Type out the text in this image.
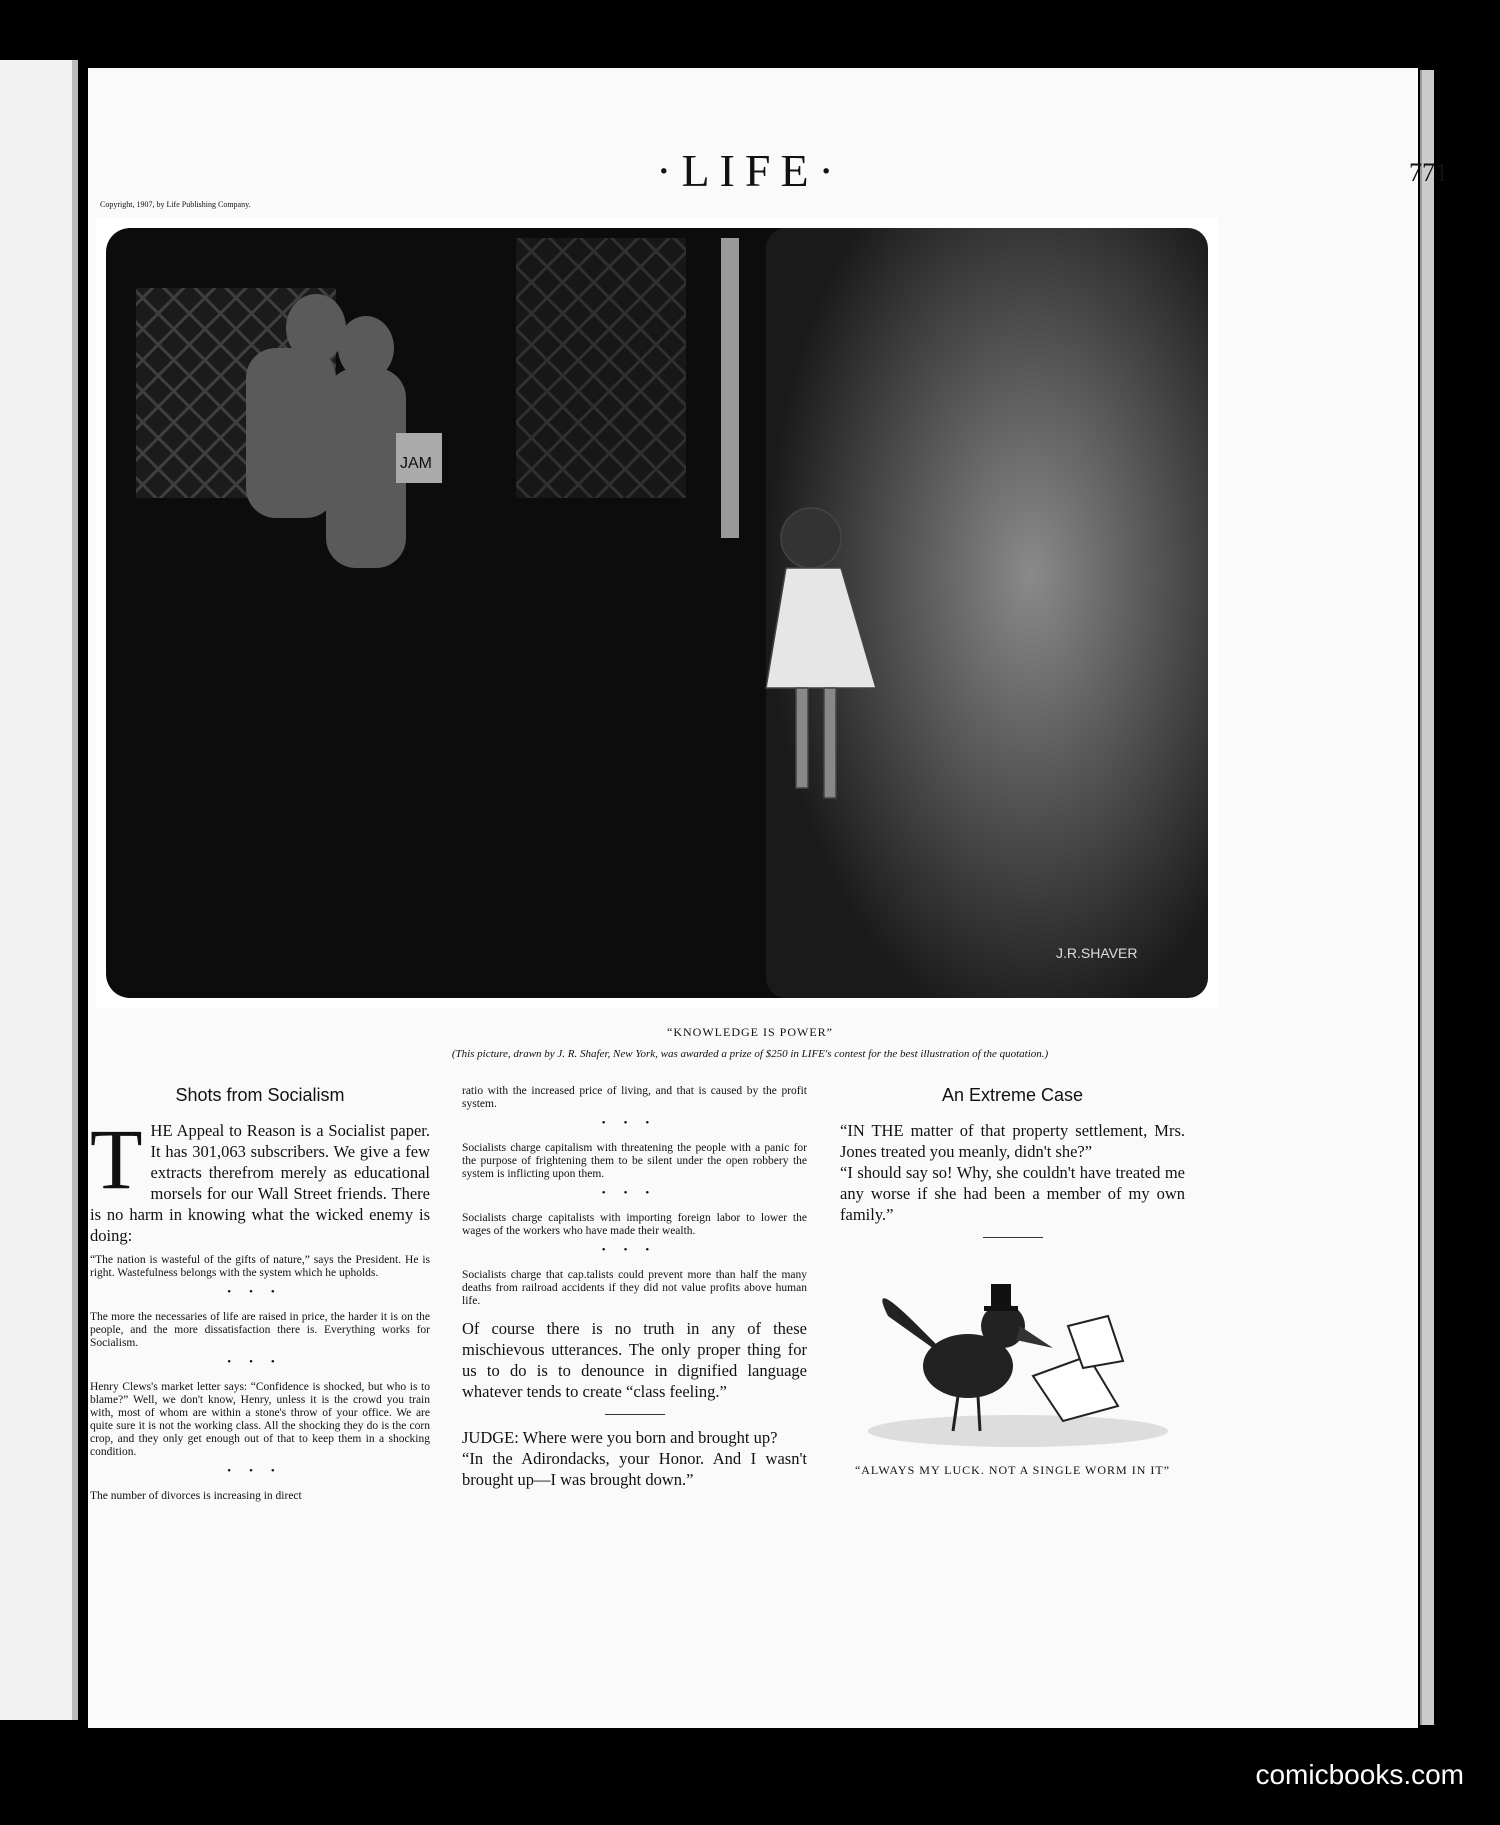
·LIFE·	771
Copyright, 1907, by Life Publishing Company.
JAM
J.R.SHAVER
“KNOWLEDGE IS POWER”
(This picture, drawn by J. R. Shafer, New York, was awarded a prize of $250 in LIFE's contest for the best illustration of the quotation.)
Shots from Socialism
T HE Appeal to Reason is a Socialist paper. It has 301,063 subscribers. We give a few extracts therefrom merely as educational morsels for our Wall Street friends. There is no harm in knowing what the wicked enemy is doing:

“The nation is wasteful of the gifts of nature,” says the President. He is right. Wastefulness belongs with the system which he upholds.

•••

The more the necessaries of life are raised in price, the harder it is on the people, and the more dissatisfaction there is. Everything works for Socialism.

•••

Henry Clews's market letter says: “Confidence is shocked, but who is to blame?” Well, we don't know, Henry, unless it is the crowd you train with, most of whom are within a stone's throw of your office. We are quite sure it is not the working class. All the shocking they do is the corn crop, and they only get enough out of that to keep them in a shocking condition.

•••

The number of divorces is increasing in direct

ratio with the increased price of living, and that is caused by the profit system.

•••

Socialists charge capitalism with threatening the people with a panic for the purpose of frightening them to be silent under the open robbery the system is inflicting upon them.

•••

Socialists charge capitalists with importing foreign labor to lower the wages of the workers who have made their wealth.

•••

Socialists charge that cap.talists could prevent more than half the many deaths from railroad accidents if they did not value profits above human life.

Of course there is no truth in any of these mischievous utterances. The only proper thing for us to do is to denounce in dignified language whatever tends to create “class feeling.”

JUDGE: Where were you born and brought up?

“In the Adirondacks, your Honor. And I wasn't brought up—I was brought down.”

An Extreme Case

“IN THE matter of that property settlement, Mrs. Jones treated you meanly, didn't she?”

“I should say so! Why, she couldn't have treated me any worse if she had been a member of my own family.”

“ALWAYS MY LUCK. NOT A SINGLE WORM IN IT”
comicbooks.com
